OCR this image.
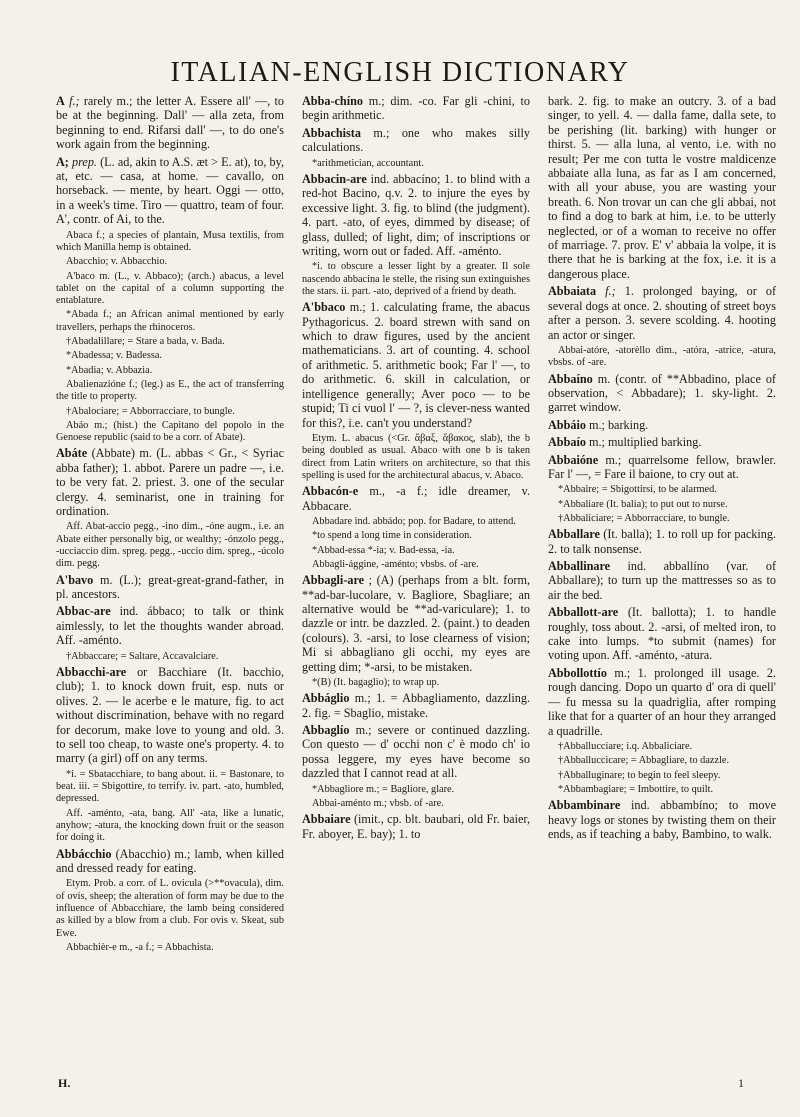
ITALIAN-ENGLISH DICTIONARY

A f.; rarely m.; the letter A. Essere all' —, to be at the beginning. Dall' — alla zeta, from beginning to end. Rifarsi dall' —, to do one's work again from the beginning.

A; prep. (L. ad, akin to A.S. æt > E. at), to, by, at, etc. — casa, at home. — cavallo, on horseback. — mente, by heart. Oggi — otto, in a week's time. Tiro — quattro, team of four. A', contr. of Ai, to the.

Abaca f.; a species of plantain, Musa textilis, from which Manilla hemp is obtained.

Abacchio; v. Abbacchio.

A'baco m. (L., v. Abbaco); (arch.) abacus, a level tablet on the capital of a column supporting the entablature.

*Abada f.; an African animal mentioned by early travellers, perhaps the rhinoceros.

†Abadalillare; = Stare a bada, v. Bada.

*Abadessa; v. Badessa.

*Abadia; v. Abbazia.

Abalienazióne f.; (leg.) as E., the act of transferring the title to property.

†Abalociare; = Abborracciare, to bungle.

Abáo m.; (hist.) the Capitano del popolo in the Genoese republic (said to be a corr. of Abate).

Abáte (Abbate) m. (L. abbas < Gr., < Syriac abba father); 1. abbot. Parere un padre —, i.e. to be very fat. 2. priest. 3. one of the secular clergy. 4. seminarist, one in training for ordination.

Aff. Abat-accio pegg., -ino dim., -óne augm., i.e. an Abate either personally big, or wealthy; -ónzolo pegg., -ucciaccio dim. spreg. pegg., -uccio dim. spreg., -úcolo dim. pegg.

A'bavo m. (L.); great-great-grand-father, in pl. ancestors.

Abbac-are ind. ábbaco; to talk or think aimlessly, to let the thoughts wander abroad. Aff. -aménto.

†Abbaccare; = Saltare, Accavalciare.

Abbacchi-are or Bacchiare (It. bacchio, club); 1. to knock down fruit, esp. nuts or olives. 2. — le acerbe e le mature, fig. to act without discrimination, behave with no regard for decorum, make love to young and old. 3. to sell too cheap, to waste one's property. 4. to marry (a girl) off on any terms.

*i. = Sbatacchiare, to bang about. ii. = Bastonare, to beat. iii. = Sbigottire, to terrify. iv. part. -ato, humbled, depressed.

Aff. -aménto, -ata, bang. All' -ata, like a lunatic, anyhow; -atura, the knocking down fruit or the season for doing it.

Abbácchio (Abacchio) m.; lamb, when killed and dressed ready for eating.

Etym. Prob. a corr. of L. ovicula (>**ovacula), dim. of ovis, sheep; the alteration of form may be due to the influence of Abbacchiare, the lamb being considered as killed by a blow from a club. For ovis v. Skeat, sub Ewe.

Abbachièr-e m., -a f.; = Abbachista.

Abba-chíno m.; dim. -co. Far gli -chini, to begin arithmetic.

Abbachista m.; one who makes silly calculations.

*arithmetician, accountant.

Abbacin-are ind. abbacíno; 1. to blind with a red-hot Bacino, q.v. 2. to injure the eyes by excessive light. 3. fig. to blind (the judgment). 4. part. -ato, of eyes, dimmed by disease; of glass, dulled; of light, dim; of inscriptions or writing, worn out or faded. Aff. -aménto.

*i. to obscure a lesser light by a greater. Il sole nascendo abbacina le stelle, the rising sun extinguishes the stars. ii. part. -ato, deprived of a friend by death.

A'bbaco m.; 1. calculating frame, the abacus Pythagoricus. 2. board strewn with sand on which to draw figures, used by the ancient mathematicians. 3. art of counting. 4. school of arithmetic. 5. arithmetic book; Far l' —, to do arithmetic. 6. skill in calculation, or intelligence generally; Aver poco — to be stupid; Ti ci vuol l' — ?, is clever-ness wanted for this?, i.e. can't you understand?

Etym. L. abacus (<Gr. ἄβαξ, ἄβακος, slab), the b being doubled as usual. Abaco with one b is taken direct from Latin writers on architecture, so that this spelling is used for the architectural abacus, v. Abaco.

Abbacón-e m., -a f.; idle dreamer, v. Abbacare.

Abbadare ind. abbádo; pop. for Badare, to attend.

*to spend a long time in consideration.

*Abbad-essa *-ia; v. Bad-essa, -ia.

Abbagli-ággine, -aménto; vbsbs. of -are.

Abbagli-are ; (A) (perhaps from a blt. form, **ad-bar-lucolare, v. Bagliore, Sbagliare; an alternative would be **ad-variculare); 1. to dazzle or intr. be dazzled. 2. (paint.) to deaden (colours). 3. -arsi, to lose clearness of vision; Mi si abbagliano gli occhi, my eyes are getting dim; *-arsi, to be mistaken.

*(B) (It. bagaglio); to wrap up.

Abbáglio m.; 1. = Abbagliamento, dazzling. 2. fig. = Sbaglio, mistake.

Abbaglío m.; severe or continued dazzling. Con questo — d' occhi non c' è modo ch' io possa leggere, my eyes have become so dazzled that I cannot read at all.

*Abbagliore m.; = Bagliore, glare.

Abbai-aménto m.; vbsb. of -are.

Abbaiare (imit., cp. blt. baubari, old Fr. baier, Fr. aboyer, E. bay); 1. to

bark. 2. fig. to make an outcry. 3. of a bad singer, to yell. 4. — dalla fame, dalla sete, to be perishing (lit. barking) with hunger or thirst. 5. — alla luna, al vento, i.e. with no result; Per me con tutta le vostre maldicenze abbaiate alla luna, as far as I am concerned, with all your abuse, you are wasting your breath. 6. Non trovar un can che gli abbai, not to find a dog to bark at him, i.e. to be utterly neglected, or of a woman to receive no offer of marriage. 7. prov. E' v' abbaia la volpe, it is there that he is barking at the fox, i.e. it is a dangerous place.

Abbaiata f.; 1. prolonged baying, or of several dogs at once. 2. shouting of street boys after a person. 3. severe scolding. 4. hooting an actor or singer.

Abbai-atóre, -atorèllo dim., -atóra, -atrice, -atura, vbsbs. of -are.

Abbaíno m. (contr. of **Abbadino, place of observation, < Abbadare); 1. sky-light. 2. garret window.

Abbáio m.; barking.

Abbaío m.; multiplied barking.

Abbaióne m.; quarrelsome fellow, brawler. Far l' —, = Fare il baione, to cry out at.

*Abbaire; = Sbigottirsi, to be alarmed.

*Abbaliare (It. balia); to put out to nurse.

†Abbaliciare; = Abborracciare, to bungle.

Abballare (It. balla); 1. to roll up for packing. 2. to talk nonsense.

Abballinare ind. abballíno (var. of Abballare); to turn up the mattresses so as to air the bed.

Abballott-are (It. ballotta); 1. to handle roughly, toss about. 2. -arsi, of melted iron, to cake into lumps. *to submit (names) for voting upon. Aff. -aménto, -atura.

Abbollottío m.; 1. prolonged ill usage. 2. rough dancing. Dopo un quarto d' ora di quell' — fu messa su la quadriglia, after romping like that for a quarter of an hour they arranged a quadrille.

†Abballucciare; i.q. Abbaliciare.

†Abballuccicare; = Abbagliare, to dazzle.

†Abballuginare; to begin to feel sleepy.

*Abbambagiare; = Imbottire, to quilt.

Abbambinare ind. abbambíno; to move heavy logs or stones by twisting them on their ends, as if teaching a baby, Bambino, to walk.

H.	1
